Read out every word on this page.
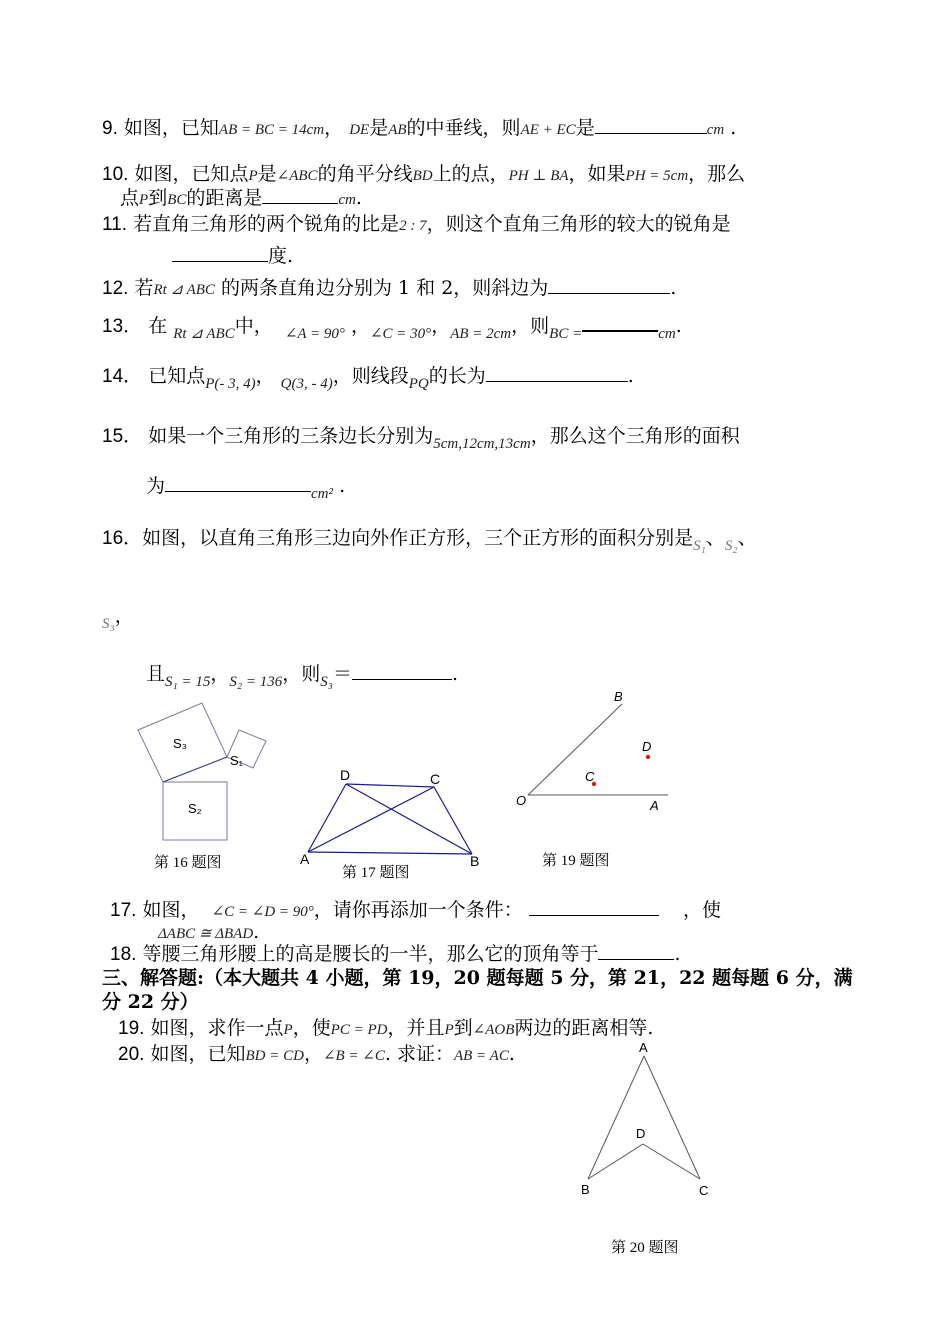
9. 如图，已知AB = BC = 14cm， DE是AB的中垂线，则AE + EC是	cm .
10. 如图，已知点P是∠ABC的角平分线BD上的点，PH ⊥ BA，如果PH = 5cm，那么
点P到BC的距离是	cm.
11. 若直角三角形的两个锐角的比是2 : 7，则这个直角三角形的较大的锐角是
度.
12. 若Rt ⊿ ABC 的两条直角边分别为 1 和 2，则斜边为	.
13． 在 $_{Rt ⊿ ABC}$中， $_{\angle A = 90^\circ}$ ，$_{\angle C = 30^\circ}$，$_{AB = 2cm}$，则$_{BC =}$	$_{cm}$.
14． 已知点$_{P(- 3, 4)}$， $_{Q(3, - 4)}$，则线段$_{PQ}$的长为	.
15． 如果一个三角形的三条边长分别为$_{5cm,12cm,13cm}$，那么这个三角形的面积
为	$_{cm^2}$ .
16．如图，以直角三角形三边向外作正方形，三个正方形的面积分别是$_{S_1}$、$_{S_2}$、
$_{S_3}$，
且$_{S_1 = 15}$，$_{S_2 = 136}$，则$_{S_3}$＝	.
S₃
S₁
S₂
第 16 题图
D	C
A	B
第 17 题图
B
D
C
O	A
第 19 题图
17. 如图， ∠C = ∠D = 90°，请你再添加一个条件：	，使
ΔABC ≅ ΔBAD.
18. 等腰三角形腰上的高是腰长的一半，那么它的顶角等于	.
三、解答题:（本大题共 4 小题，第 19，20 题每题 5 分，第 21，22 题每题 6 分，满
分 22 分）
19. 如图，求作一点P，使PC = PD，并且P到∠AOB两边的距离相等.
20. 如图，已知BD = CD，∠B = ∠C. 求证：AB = AC.	A
D
B	C
第 20 题图
